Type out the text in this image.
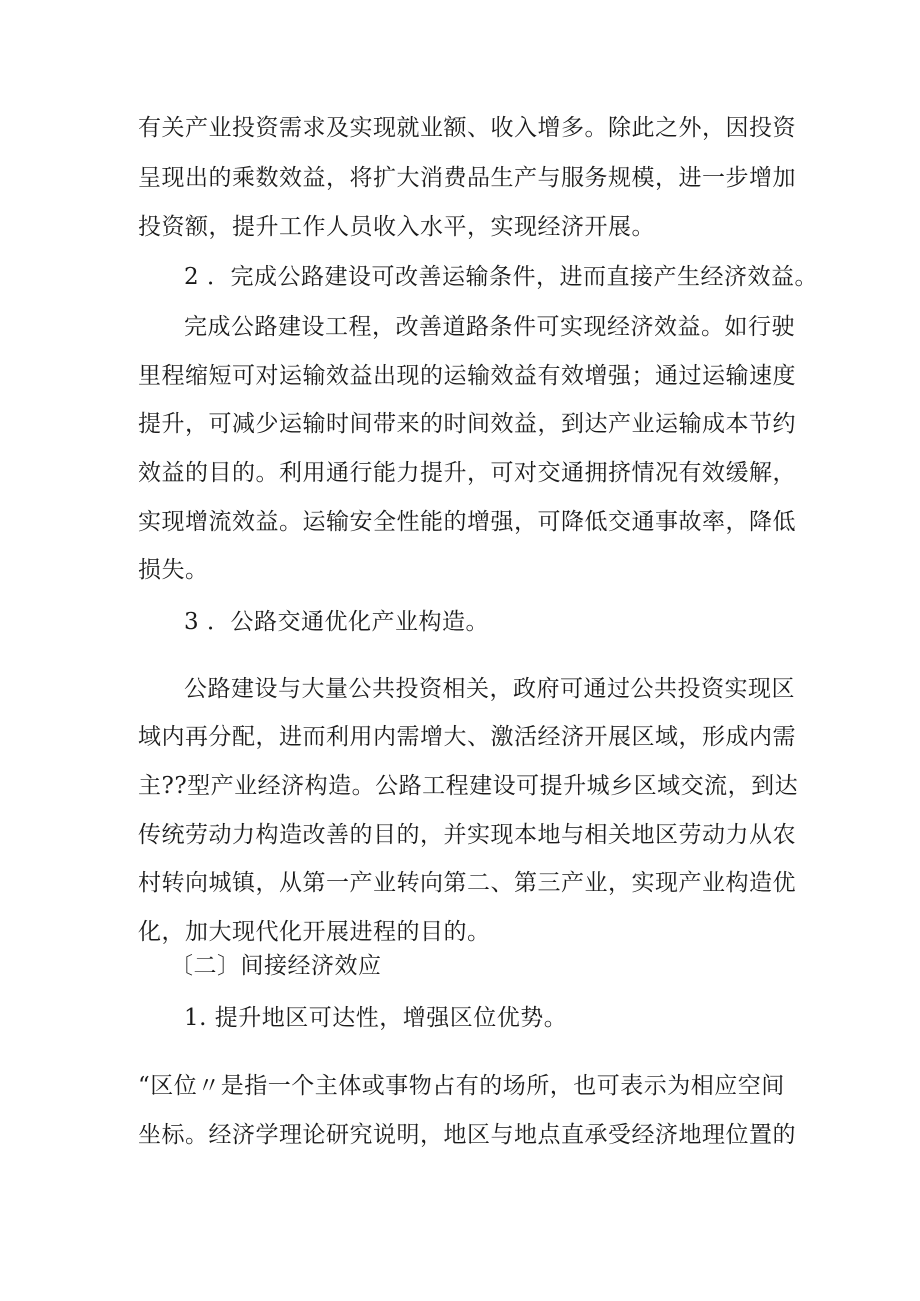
有关产业投资需求及实现就业额、收入增多。除此之外，因投资
呈现出的乘数效益，将扩大消费品生产与服务规模，进一步增加
投资额，提升工作人员收入水平，实现经济开展。
2 ．完成公路建设可改善运输条件，进而直接产生经济效益。
完成公路建设工程，改善道路条件可实现经济效益。如行驶
里程缩短可对运输效益出现的运输效益有效增强；通过运输速度
提升，可减少运输时间带来的时间效益，到达产业运输成本节约
效益的目的。利用通行能力提升，可对交通拥挤情况有效缓解，
实现增流效益。运输安全性能的增强，可降低交通事故率，降低
损失。
3 ．公路交通优化产业构造。
公路建设与大量公共投资相关，政府可通过公共投资实现区
域内再分配，进而利用内需增大、激活经济开展区域，形成内需
主??型产业经济构造。公路工程建设可提升城乡区域交流，到达
传统劳动力构造改善的目的，并实现本地与相关地区劳动力从农
村转向城镇，从第一产业转向第二、第三产业，实现产业构造优
化，加大现代化开展进程的目的。
〔二〕间接经济效应
1. 提升地区可达性，增强区位优势。
“区位〃是指一个主体或事物占有的场所，也可表示为相应空间
坐标。经济学理论研究说明，地区与地点直承受经济地理位置的
